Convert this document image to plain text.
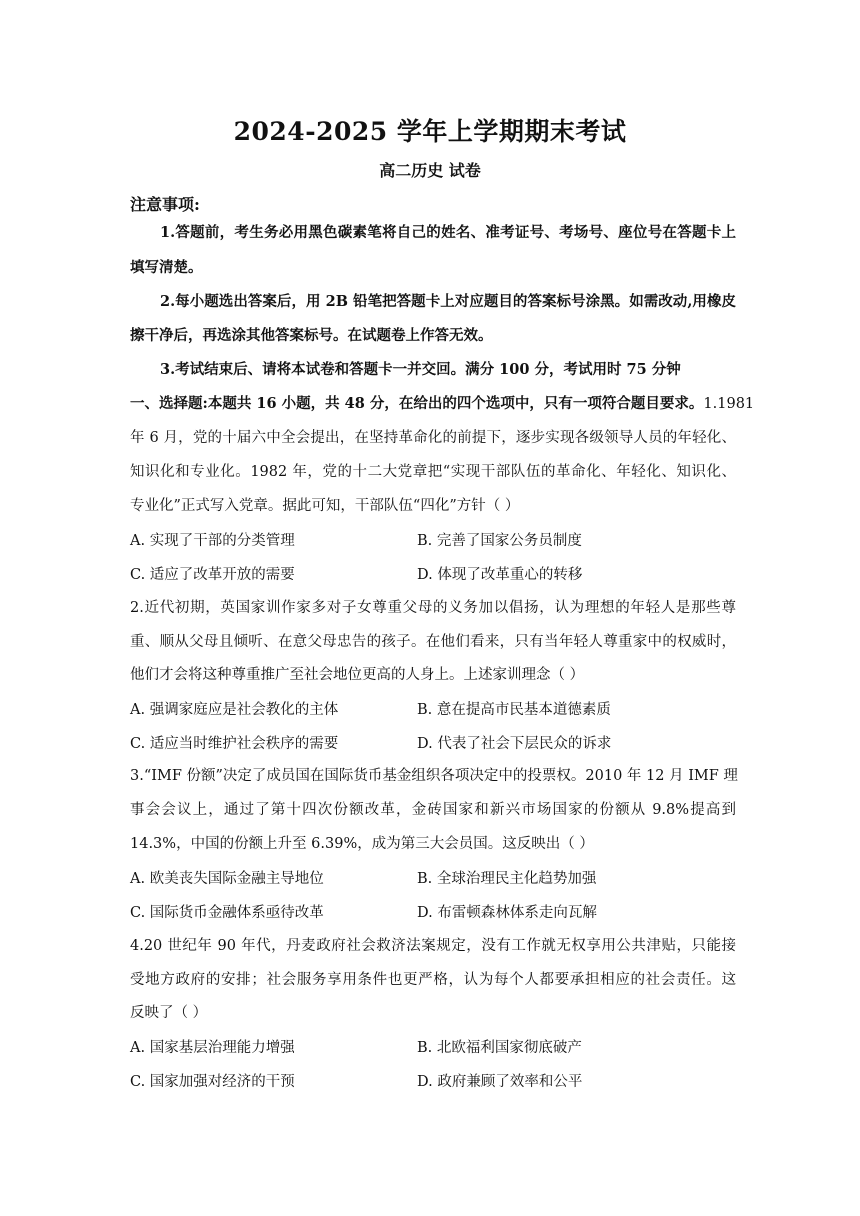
2024-2025 学年上学期期末考试
高二历史 试卷
注意事项:
1.答题前，考生务必用黑色碳素笔将自己的姓名、准考证号、考场号、座位号在答题卡上
填写清楚。
2.每小题选出答案后，用 2B 铅笔把答题卡上对应题目的答案标号涂黑。如需改动,用橡皮
擦干净后，再选涂其他答案标号。在试题卷上作答无效。
3.考试结束后、请将本试卷和答题卡一并交回。满分 100 分，考试用时 75 分钟
一、选择题:本题共 16 小题，共 48 分，在给出的四个选项中，只有一项符合题目要求。1.1981
年 6 月，党的十届六中全会提出，在坚持革命化的前提下，逐步实现各级领导人员的年轻化、
知识化和专业化。1982 年，党的十二大党章把“实现干部队伍的革命化、年轻化、知识化、
专业化”正式写入党章。据此可知，干部队伍“四化”方针（ ）
A. 实现了干部的分类管理	B. 完善了国家公务员制度
C. 适应了改革开放的需要	D. 体现了改革重心的转移
2.近代初期，英国家训作家多对子女尊重父母的义务加以倡扬，认为理想的年轻人是那些尊
重、顺从父母且倾听、在意父母忠告的孩子。在他们看来，只有当年轻人尊重家中的权威时，
他们才会将这种尊重推广至社会地位更高的人身上。上述家训理念（ ）
A. 强调家庭应是社会教化的主体	B. 意在提高市民基本道德素质
C. 适应当时维护社会秩序的需要	D. 代表了社会下层民众的诉求
3.“IMF 份额”决定了成员国在国际货币基金组织各项决定中的投票权。2010 年 12 月 IMF 理
事会会议上，通过了第十四次份额改革，金砖国家和新兴市场国家的份额从 9.8%提高到
14.3%，中国的份额上升至 6.39%，成为第三大会员国。这反映出（ ）
A. 欧美丧失国际金融主导地位	B. 全球治理民主化趋势加强
C. 国际货币金融体系亟待改革	D. 布雷顿森林体系走向瓦解
4.20 世纪年 90 年代，丹麦政府社会救济法案规定，没有工作就无权享用公共津贴，只能接
受地方政府的安排；社会服务享用条件也更严格，认为每个人都要承担相应的社会责任。这
反映了（ ）
A. 国家基层治理能力增强	B. 北欧福利国家彻底破产
C. 国家加强对经济的干预	D. 政府兼顾了效率和公平
